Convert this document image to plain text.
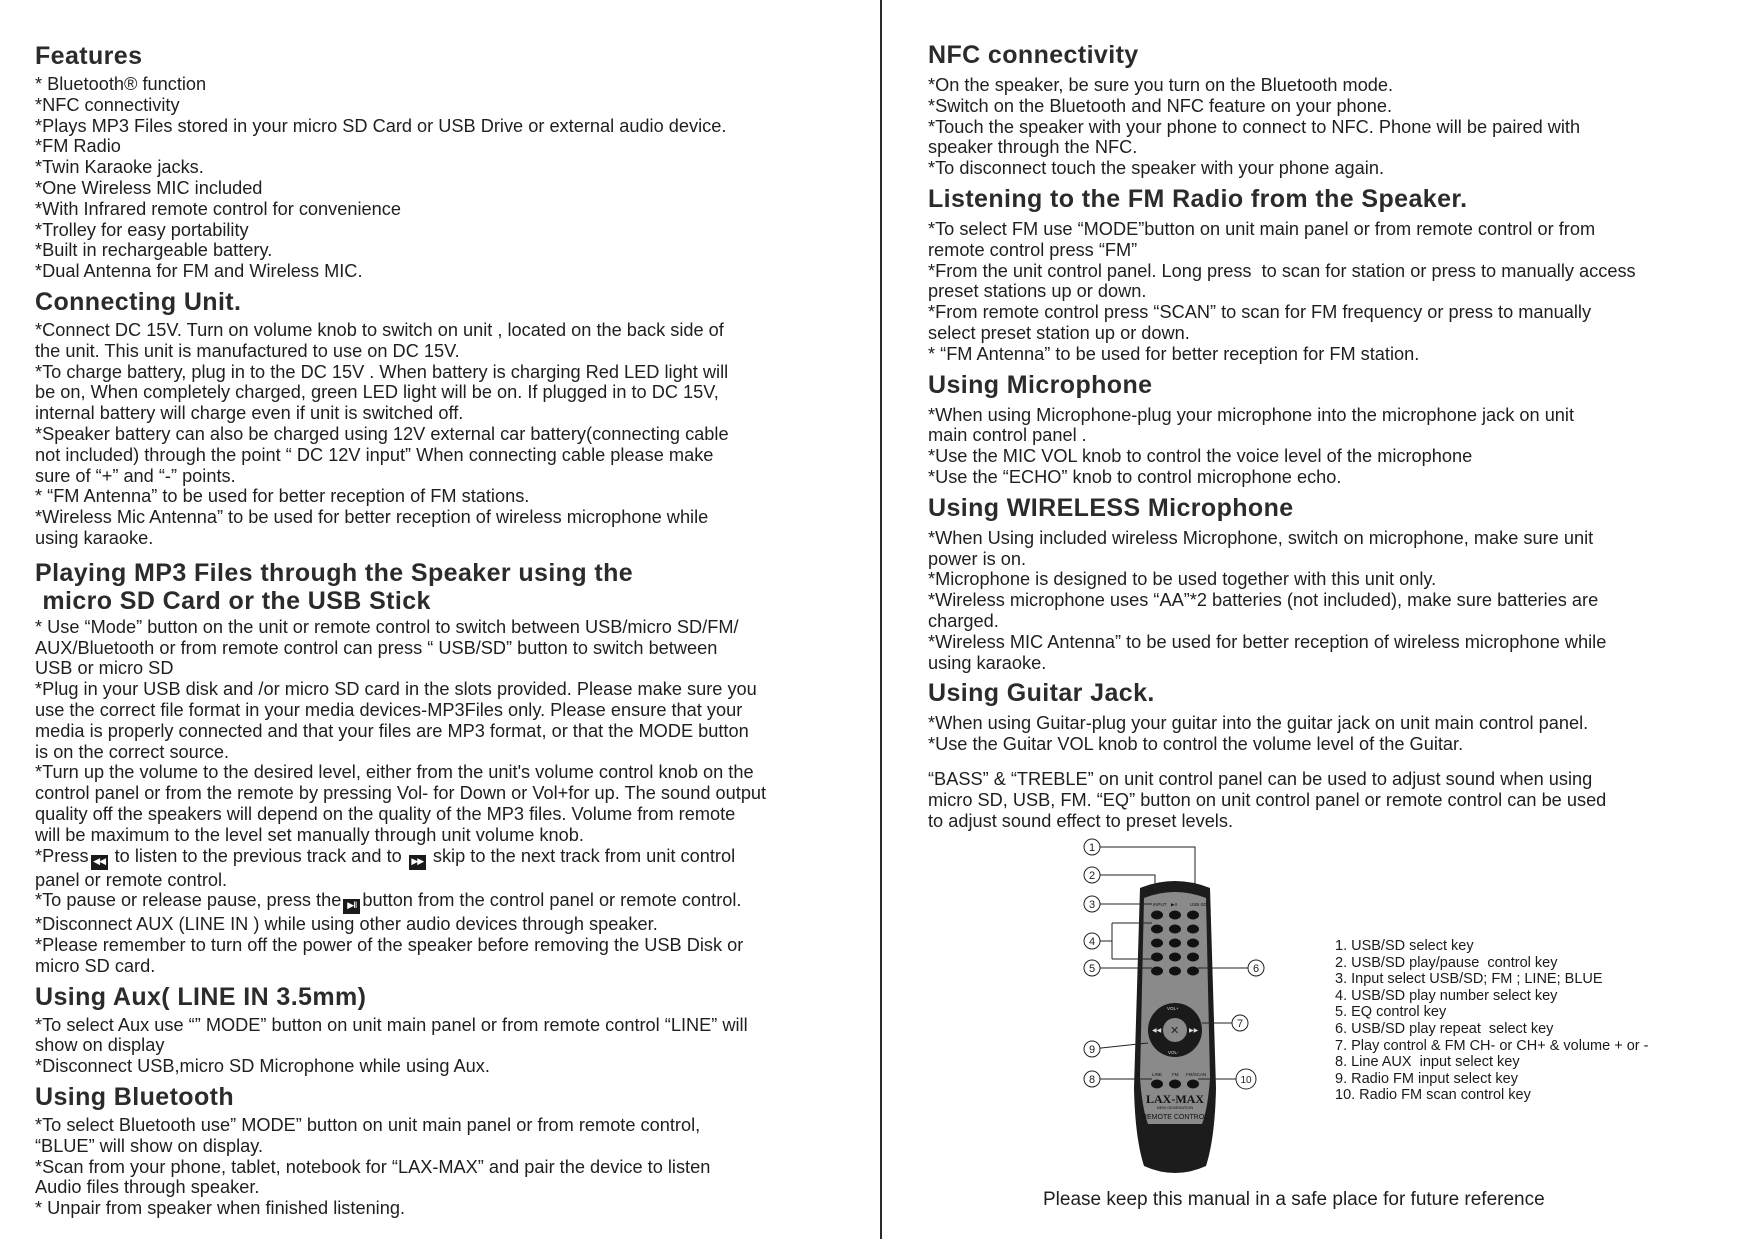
Features

* Bluetooth® function

*NFC connectivity

*Plays MP3 Files stored in your micro SD Card or USB Drive or external audio device.

*FM Radio

*Twin Karaoke jacks.

*One Wireless MIC included

*With Infrared remote control for convenience

*Trolley for easy portability

*Built in rechargeable battery.

*Dual Antenna for FM and Wireless MIC.

Connecting Unit.

*Connect DC 15V. Turn on volume knob to switch on unit , located on the back side of

the unit. This unit is manufactured to use on DC 15V.

*To charge battery, plug in to the DC 15V . When battery is charging Red LED light will

be on, When completely charged, green LED light will be on. If plugged in to DC 15V,

internal battery will charge even if unit is switched off.

*Speaker battery can also be charged using 12V external car battery(connecting cable

not included) through the point “ DC 12V input” When connecting cable please make

sure of “+” and “-” points.

* “FM Antenna” to be used for better reception of FM stations.

*Wireless Mic Antenna” to be used for better reception of wireless microphone while

using karaoke.

Playing MP3 Files through the Speaker using the
micro SD Card or the USB Stick

* Use “Mode” button on the unit or remote control to switch between USB/micro SD/FM/

AUX/Bluetooth or from remote control can press “ USB/SD” button to switch between

USB or micro SD

*Plug in your USB disk and /or micro SD card in the slots provided. Please make sure you

use the correct file format in your media devices-MP3Files only. Please ensure that your

media is properly connected and that your files are MP3 format, or that the MODE button

is on the correct source.

*Turn up the volume to the desired level, either from the unit's volume control knob on the

control panel or from the remote by pressing Vol- for Down or Vol+for up. The sound output

quality off the speakers will depend on the quality of the MP3 files. Volume from remote

will be maximum to the level set manually through unit volume knob.

*Press ◀◀ to listen to the previous track and to ▶▶ skip to the next track from unit control

panel or remote control.

*To pause or release pause, press the ▶II button from the control panel or remote control.

*Disconnect AUX (LINE IN ) while using other audio devices through speaker.

*Please remember to turn off the power of the speaker before removing the USB Disk or

micro SD card.

Using Aux( LINE IN 3.5mm)

*To select Aux use “” MODE” button on unit main panel or from remote control “LINE” will

show on display

*Disconnect USB,micro SD Microphone while using Aux.

Using Bluetooth

*To select Bluetooth use” MODE” button on unit main panel or from remote control,

“BLUE” will show on display.

*Scan from your phone, tablet, notebook for “LAX-MAX” and pair the device to listen

Audio files through speaker.

* Unpair from speaker when finished listening.

NFC connectivity

*On the speaker, be sure you turn on the Bluetooth mode.

*Switch on the Bluetooth and NFC feature on your phone.

*Touch the speaker with your phone to connect to NFC. Phone will be paired with

speaker through the NFC.

*To disconnect touch the speaker with your phone again.

Listening to the FM Radio from the Speaker.

*To select FM use “MODE”button on unit main panel or from remote control or from

remote control press “FM”

*From the unit control panel. Long press  to scan for station or press to manually access

preset stations up or down.

*From remote control press “SCAN” to scan for FM frequency or press to manually

select preset station up or down.

* “FM Antenna” to be used for better reception for FM station.

Using Microphone

*When using Microphone-plug your microphone into the microphone jack on unit

main control panel .

*Use the MIC VOL knob to control the voice level of the microphone

*Use the “ECHO” knob to control microphone echo.

Using WIRELESS Microphone

*When Using included wireless Microphone, switch on microphone, make sure unit

power is on.

*Microphone is designed to be used together with this unit only.

*Wireless microphone uses “AA”*2 batteries (not included), make sure batteries are

charged.

*Wireless MIC Antenna” to be used for better reception of wireless microphone while

using karaoke.

Using Guitar Jack.

*When using Guitar-plug your guitar into the guitar jack on unit main control panel.

*Use the Guitar VOL knob to control the volume level of the Guitar.

“BASS” & “TREBLE” on unit control panel can be used to adjust sound when using

micro SD, USB, FM. “EQ” button on unit control panel or remote control can be used

to adjust sound effect to preset levels.

INPUT ▶II	USB SD
✕
VOL+
VOL-
◀◀	▶▶
LINE FM FM/SCAN
LAX-MAX
NEW GENERATION
REMOTE CONTROL
1
2
3
4
5	6
7
8
9
10
1. USB/SD select key
2. USB/SD play/pause  control key
3. Input select USB/SD; FM ; LINE; BLUE
4. USB/SD play number select key
5. EQ control key
6. USB/SD play repeat  select key
7. Play control & FM CH- or CH+ & volume + or -
8. Line AUX  input select key
9. Radio FM input select key
10. Radio FM scan control key
Please keep this manual in a safe place for future reference
